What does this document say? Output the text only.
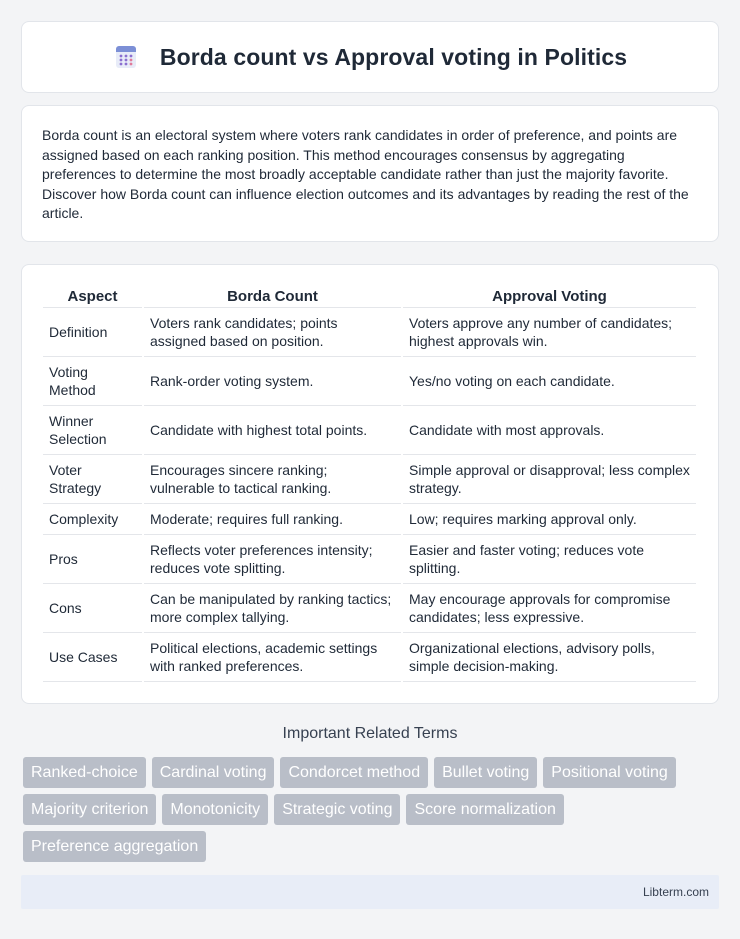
Borda count vs Approval voting in Politics

Borda count is an electoral system where voters rank candidates in order of preference, and points are assigned based on each ranking position. This method encourages consensus by aggregating preferences to determine the most broadly acceptable candidate rather than just the majority favorite. Discover how Borda count can influence election outcomes and its advantages by reading the rest of the article.

Aspect	Borda Count	Approval Voting
Definition	Voters rank candidates; points assigned based on position.	Voters approve any number of candidates; highest approvals win.
Voting Method	Rank-order voting system.	Yes/no voting on each candidate.
Winner Selection	Candidate with highest total points.	Candidate with most approvals.
Voter Strategy	Encourages sincere ranking; vulnerable to tactical ranking.	Simple approval or disapproval; less complex strategy.
Complexity	Moderate; requires full ranking.	Low; requires marking approval only.
Pros	Reflects voter preferences intensity; reduces vote splitting.	Easier and faster voting; reduces vote splitting.
Cons	Can be manipulated by ranking tactics; more complex tallying.	May encourage approvals for compromise candidates; less expressive.
Use Cases	Political elections, academic settings with ranked preferences.	Organizational elections, advisory polls, simple decision-making.
Important Related Terms
Ranked-choice	Cardinal voting	Condorcet method	Bullet voting	Positional voting
Majority criterion	Monotonicity	Strategic voting	Score normalization
Preference aggregation
Libterm.com
